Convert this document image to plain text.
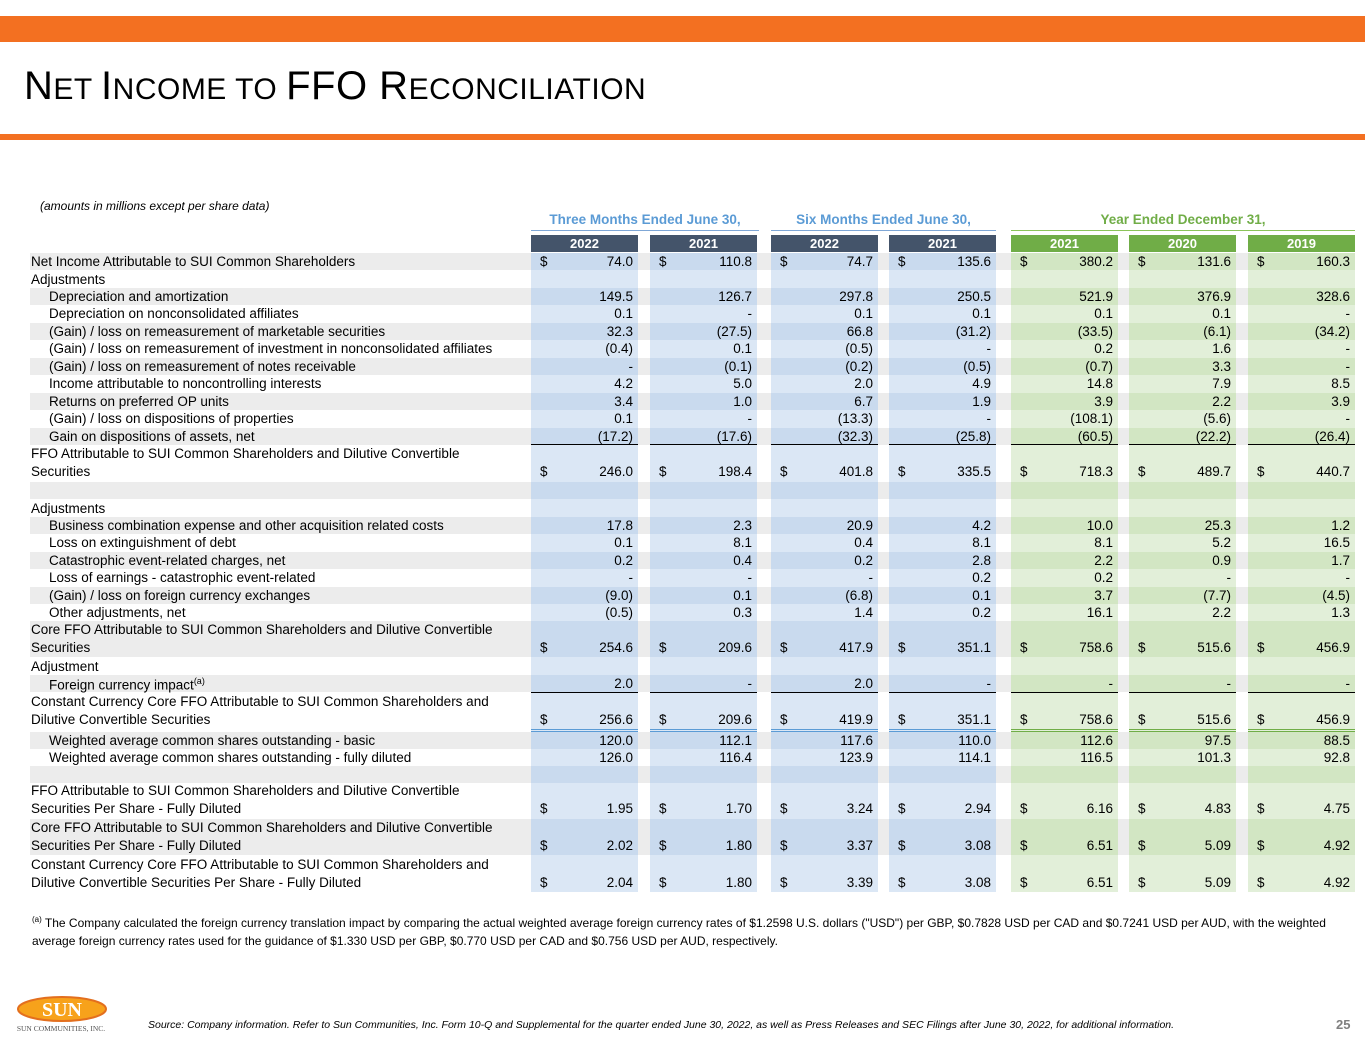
NET INCOME TO FFO RECONCILIATION
(amounts in millions except per share data)
Three Months Ended June 30,	Six Months Ended June 30,	Year Ended December 31,
2022	2021	2022	2021	2021	2020	2019
Net Income Attributable to SUI Common Shareholders	$	74.0 $	110.8 $	74.7 $	135.6 $	380.2 $	131.6 $	160.3
Adjustments
Depreciation and amortization	149.5	126.7	297.8	250.5	521.9	376.9	328.6
Depreciation on nonconsolidated affiliates	0.1	-	0.1	0.1	0.1	0.1	-
(Gain) / loss on remeasurement of marketable securities	32.3	(27.5)	66.8	(31.2)	(33.5)	(6.1)	(34.2)
(Gain) / loss on remeasurement of investment in nonconsolidated affiliates	(0.4)	0.1	(0.5)	-	0.2	1.6	-
(Gain) / loss on remeasurement of notes receivable	-	(0.1)	(0.2)	(0.5)	(0.7)	3.3	-
Income attributable to noncontrolling interests	4.2	5.0	2.0	4.9	14.8	7.9	8.5
Returns on preferred OP units	3.4	1.0	6.7	1.9	3.9	2.2	3.9
(Gain) / loss on dispositions of properties	0.1	-	(13.3)	-	(108.1)	(5.6)	-
Gain on dispositions of assets, net	(17.2)	(17.6)	(32.3)	(25.8)	(60.5)	(22.2)	(26.4)
FFO Attributable to SUI Common Shareholders and Dilutive Convertible
Securities	$	246.0 $	198.4 $	401.8 $	335.5 $	718.3 $	489.7 $	440.7
Adjustments
Business combination expense and other acquisition related costs	17.8	2.3	20.9	4.2	10.0	25.3	1.2
Loss on extinguishment of debt	0.1	8.1	0.4	8.1	8.1	5.2	16.5
Catastrophic event-related charges, net	0.2	0.4	0.2	2.8	2.2	0.9	1.7
Loss of earnings - catastrophic event-related	-	-	-	0.2	0.2	-	-
(Gain) / loss on foreign currency exchanges	(9.0)	0.1	(6.8)	0.1	3.7	(7.7)	(4.5)
Other adjustments, net	(0.5)	0.3	1.4	0.2	16.1	2.2	1.3
Core FFO Attributable to SUI Common Shareholders and Dilutive Convertible
Securities	$	254.6 $	209.6 $	417.9 $	351.1 $	758.6 $	515.6 $	456.9
Adjustment
Foreign currency impact$^{(a)}$	2.0	-	2.0	-	-	-	-
Constant Currency Core FFO Attributable to SUI Common Shareholders and
Dilutive Convertible Securities	$	256.6 $	209.6 $	419.9 $	351.1 $	758.6 $	515.6 $	456.9
Weighted average common shares outstanding - basic	120.0	112.1	117.6	110.0	112.6	97.5	88.5
Weighted average common shares outstanding - fully diluted	126.0	116.4	123.9	114.1	116.5	101.3	92.8
FFO Attributable to SUI Common Shareholders and Dilutive Convertible
Securities Per Share - Fully Diluted	$	1.95 $	1.70 $	3.24 $	2.94 $	6.16 $	4.83 $	4.75
Core FFO Attributable to SUI Common Shareholders and Dilutive Convertible
Securities Per Share - Fully Diluted	$	2.02 $	1.80 $	3.37 $	3.08 $	6.51 $	5.09 $	4.92
Constant Currency Core FFO Attributable to SUI Common Shareholders and
Dilutive Convertible Securities Per Share - Fully Diluted	$	2.04 $	1.80 $	3.39 $	3.08 $	6.51 $	5.09 $	4.92
$^{(a)}$ The Company calculated the foreign currency translation impact by comparing the actual weighted average foreign currency rates of $1.2598 U.S. dollars ("USD") per GBP, $0.7828 USD per CAD and $0.7241 USD per AUD, with the weighted average foreign currency rates used for the guidance of $1.330 USD per GBP, $0.770 USD per CAD and $0.756 USD per AUD, respectively.
SUN
SUN COMMUNITIES, INC.	Source: Company information. Refer to Sun Communities, Inc. Form 10-Q and Supplemental for the quarter ended June 30, 2022, as well as Press Releases and SEC Filings after June 30, 2022, for additional information.	25
